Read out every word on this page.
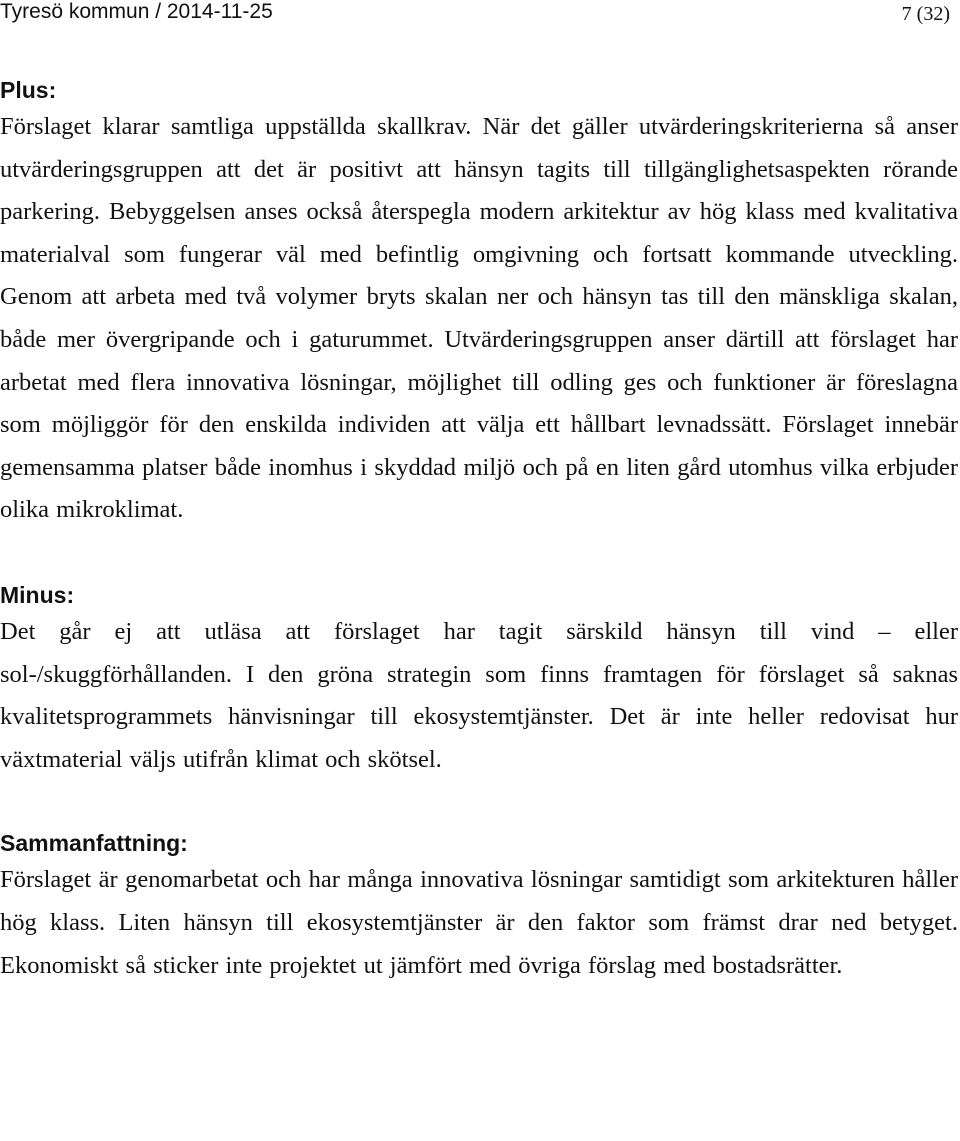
Tyresö kommun / 2014-11-25	7 (32)
Plus:

Förslaget klarar samtliga uppställda skallkrav. När det gäller utvärderingskriterierna så anser utvärderingsgruppen att det är positivt att hänsyn tagits till tillgänglighetsaspekten rörande parkering. Bebyggelsen anses också återspegla modern arkitektur av hög klass med kvalitativa materialval som fungerar väl med befintlig omgivning och fortsatt kommande utveckling. Genom att arbeta med två volymer bryts skalan ner och hänsyn tas till den mänskliga skalan, både mer övergripande och i gaturummet. Utvärderingsgruppen anser därtill att förslaget har arbetat med flera innovativa lösningar, möjlighet till odling ges och funktioner är föreslagna som möjliggör för den enskilda individen att välja ett hållbart levnadssätt. Förslaget innebär gemensamma platser både inomhus i skyddad miljö och på en liten gård utomhus vilka erbjuder olika mikroklimat.

Minus:

Det går ej att utläsa att förslaget har tagit särskild hänsyn till vind – eller sol-/skuggförhållanden. I den gröna strategin som finns framtagen för förslaget så saknas kvalitetsprogrammets hänvisningar till ekosystemtjänster. Det är inte heller redovisat hur växtmaterial väljs utifrån klimat och skötsel.

Sammanfattning:

Förslaget är genomarbetat och har många innovativa lösningar samtidigt som arkitekturen håller hög klass. Liten hänsyn till ekosystemtjänster är den faktor som främst drar ned betyget. Ekonomiskt så sticker inte projektet ut jämfört med övriga förslag med bostadsrätter.
